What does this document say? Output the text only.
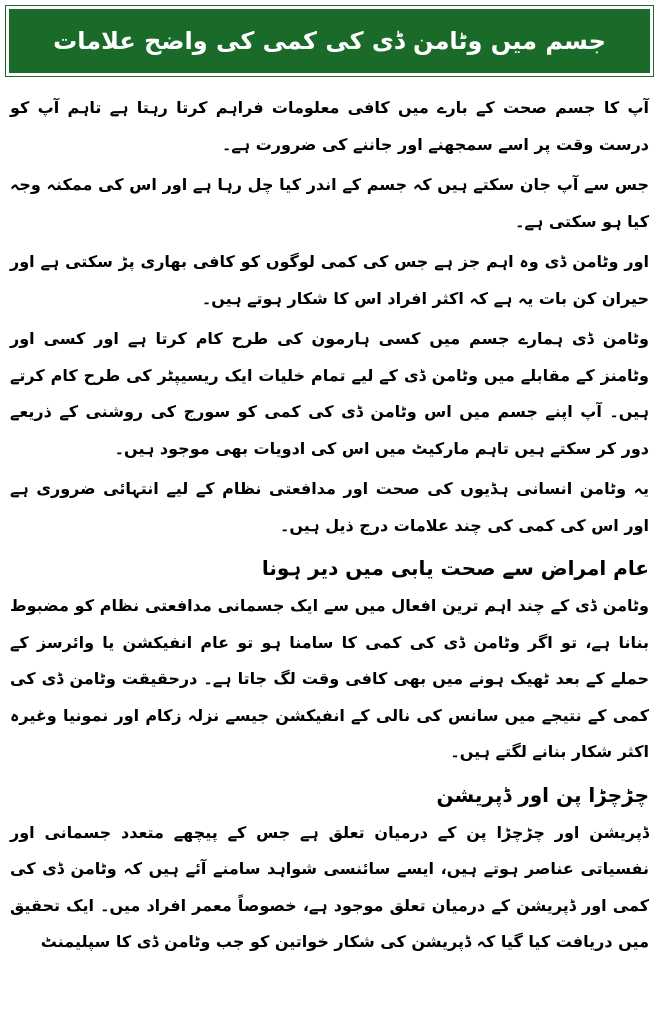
جسم میں وٹامن ڈی کی کمی کی واضح علامات

آپ کا جسم صحت کے بارے میں کافی معلومات فراہم کرتا رہتا ہے تاہم آپ کو درست وقت پر اسے سمجھنے اور جاننے کی ضرورت ہے۔

جس سے آپ جان سکتے ہیں کہ جسم کے اندر کیا چل رہا ہے اور اس کی ممکنہ وجہ کیا ہو سکتی ہے۔

اور وٹامن ڈی وہ اہم جز ہے جس کی کمی لوگوں کو کافی بھاری پڑ سکتی ہے اور حیران کن بات یہ ہے کہ اکثر افراد اس کا شکار ہوتے ہیں۔

وٹامن ڈی ہمارے جسم میں کسی ہارمون کی طرح کام کرتا ہے اور کسی اور وٹامنز کے مقابلے میں وٹامن ڈی کے لیے تمام خلیات ایک ریسیپٹر کی طرح کام کرتے ہیں۔ آپ اپنے جسم میں اس وٹامن ڈی کی کمی کو سورج کی روشنی کے ذریعے دور کر سکتے ہیں تاہم مارکیٹ میں اس کی ادویات بھی موجود ہیں۔

یہ وٹامن انسانی ہڈیوں کی صحت اور مدافعتی نظام کے لیے انتہائی ضروری ہے اور اس کی کمی کی چند علامات درج ذیل ہیں۔

عام امراض سے صحت یابی میں دیر ہونا

وٹامن ڈی کے چند اہم ترین افعال میں سے ایک جسمانی مدافعتی نظام کو مضبوط بنانا ہے، تو اگر وٹامن ڈی کی کمی کا سامنا ہو تو عام انفیکشن یا وائرسز کے حملے کے بعد ٹھیک ہونے میں بھی کافی وقت لگ جاتا ہے۔ درحقیقت وٹامن ڈی کی کمی کے نتیجے میں سانس کی نالی کے انفیکشن جیسے نزلہ زکام اور نمونیا وغیرہ اکثر شکار بنانے لگتے ہیں۔

چڑچڑا پن اور ڈپریشن

ڈپریشن اور چڑچڑا پن کے درمیان تعلق ہے جس کے پیچھے متعدد جسمانی اور نفسیاتی عناصر ہوتے ہیں، ایسے سائنسی شواہد سامنے آئے ہیں کہ وٹامن ڈی کی کمی اور ڈپریشن کے درمیان تعلق موجود ہے، خصوصاً معمر افراد میں۔ ایک تحقیق میں دریافت کیا گیا کہ ڈپریشن کی شکار خواتین کو جب وٹامن ڈی کا سپلیمنٹ
